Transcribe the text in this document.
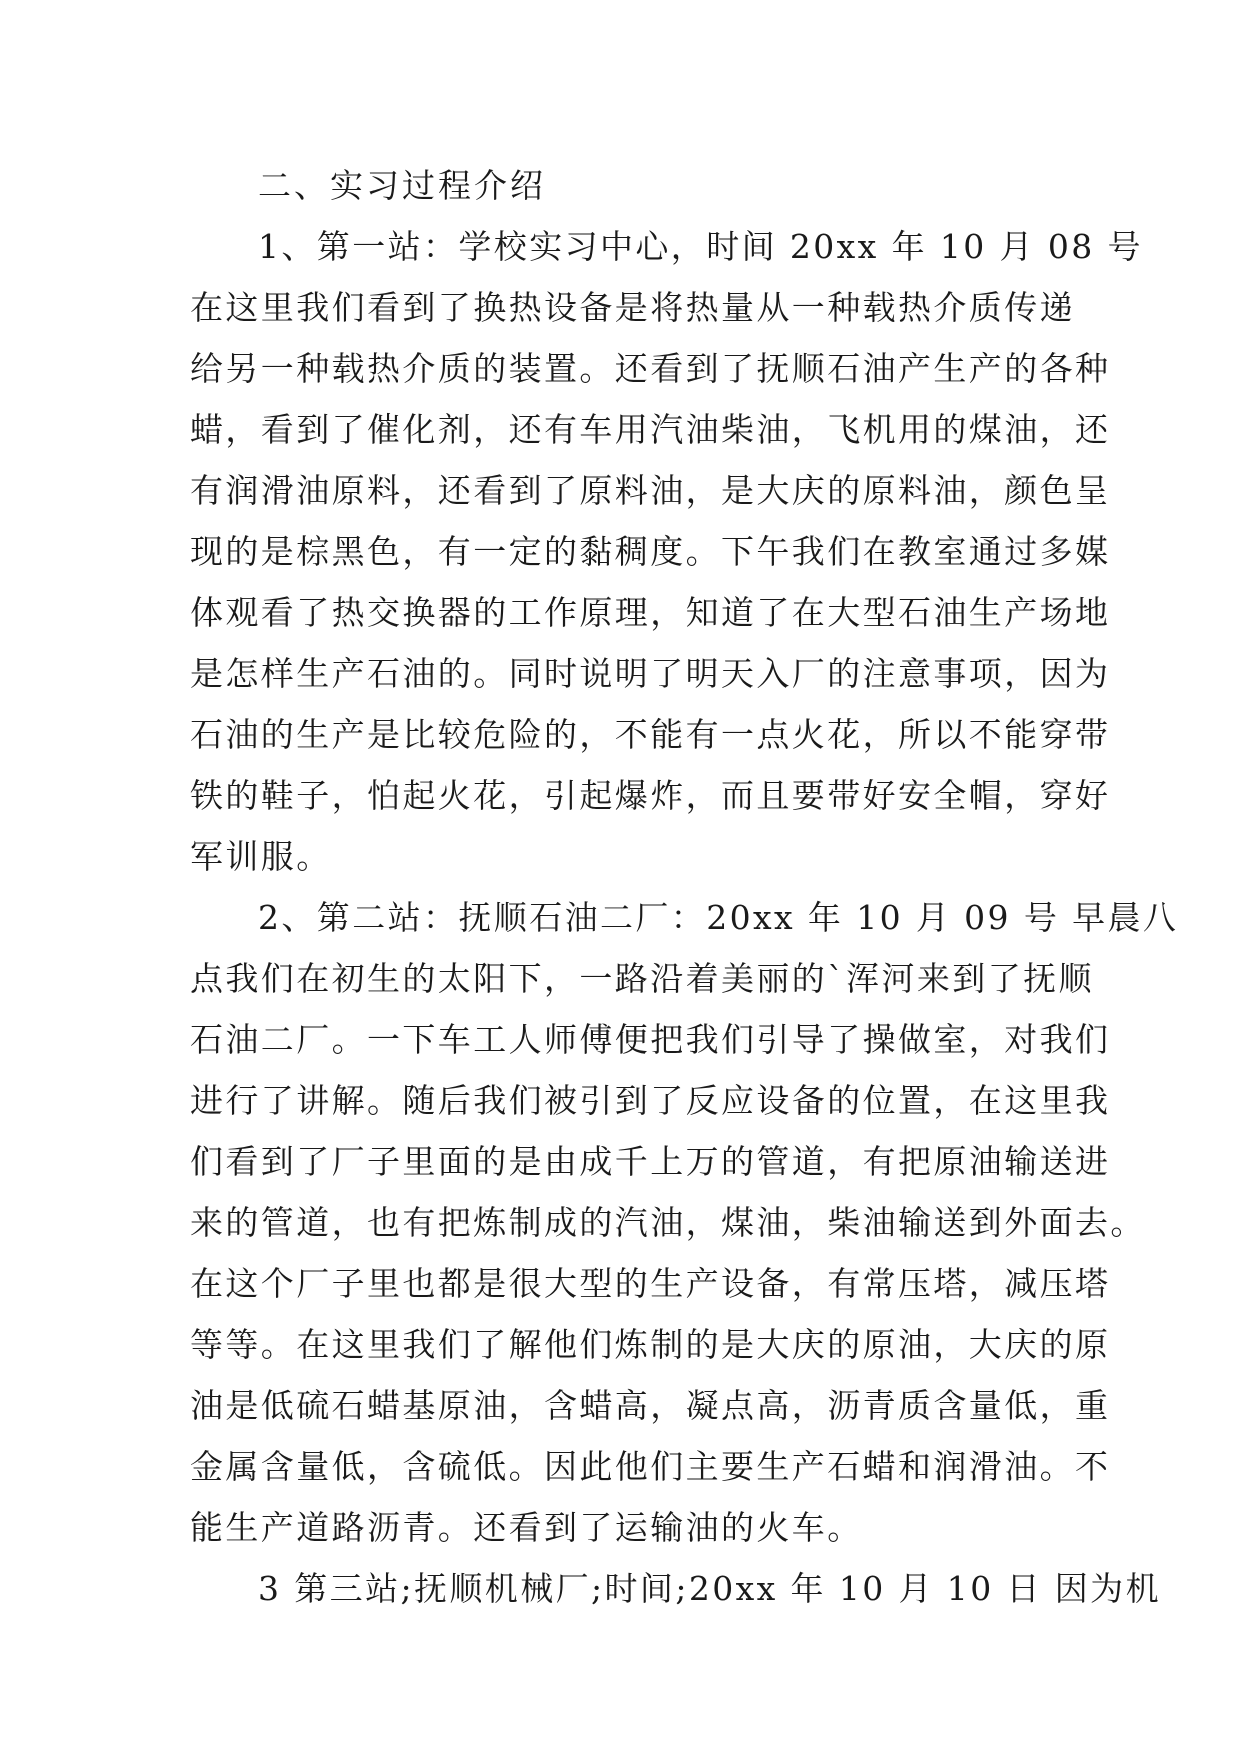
二、实习过程介绍
1、第一站：学校实习中心，时间 20xx 年 10 月 08 号
在这里我们看到了换热设备是将热量从一种载热介质传递
给另一种载热介质的装置。还看到了抚顺石油产生产的各种
蜡，看到了催化剂，还有车用汽油柴油，飞机用的煤油，还
有润滑油原料，还看到了原料油，是大庆的原料油，颜色呈
现的是棕黑色，有一定的黏稠度。下午我们在教室通过多媒
体观看了热交换器的工作原理，知道了在大型石油生产场地
是怎样生产石油的。同时说明了明天入厂的注意事项，因为
石油的生产是比较危险的，不能有一点火花，所以不能穿带
铁的鞋子，怕起火花，引起爆炸，而且要带好安全帽，穿好
军训服。
2、第二站：抚顺石油二厂：20xx 年 10 月 09 号 早晨八
点我们在初生的太阳下，一路沿着美丽的`浑河来到了抚顺
石油二厂。一下车工人师傅便把我们引导了操做室，对我们
进行了讲解。随后我们被引到了反应设备的位置，在这里我
们看到了厂子里面的是由成千上万的管道，有把原油输送进
来的管道，也有把炼制成的汽油，煤油，柴油输送到外面去。
在这个厂子里也都是很大型的生产设备，有常压塔，减压塔
等等。在这里我们了解他们炼制的是大庆的原油，大庆的原
油是低硫石蜡基原油，含蜡高，凝点高，沥青质含量低，重
金属含量低，含硫低。因此他们主要生产石蜡和润滑油。不
能生产道路沥青。还看到了运输油的火车。
3 第三站;抚顺机械厂;时间;20xx 年 10 月 10 日 因为机
